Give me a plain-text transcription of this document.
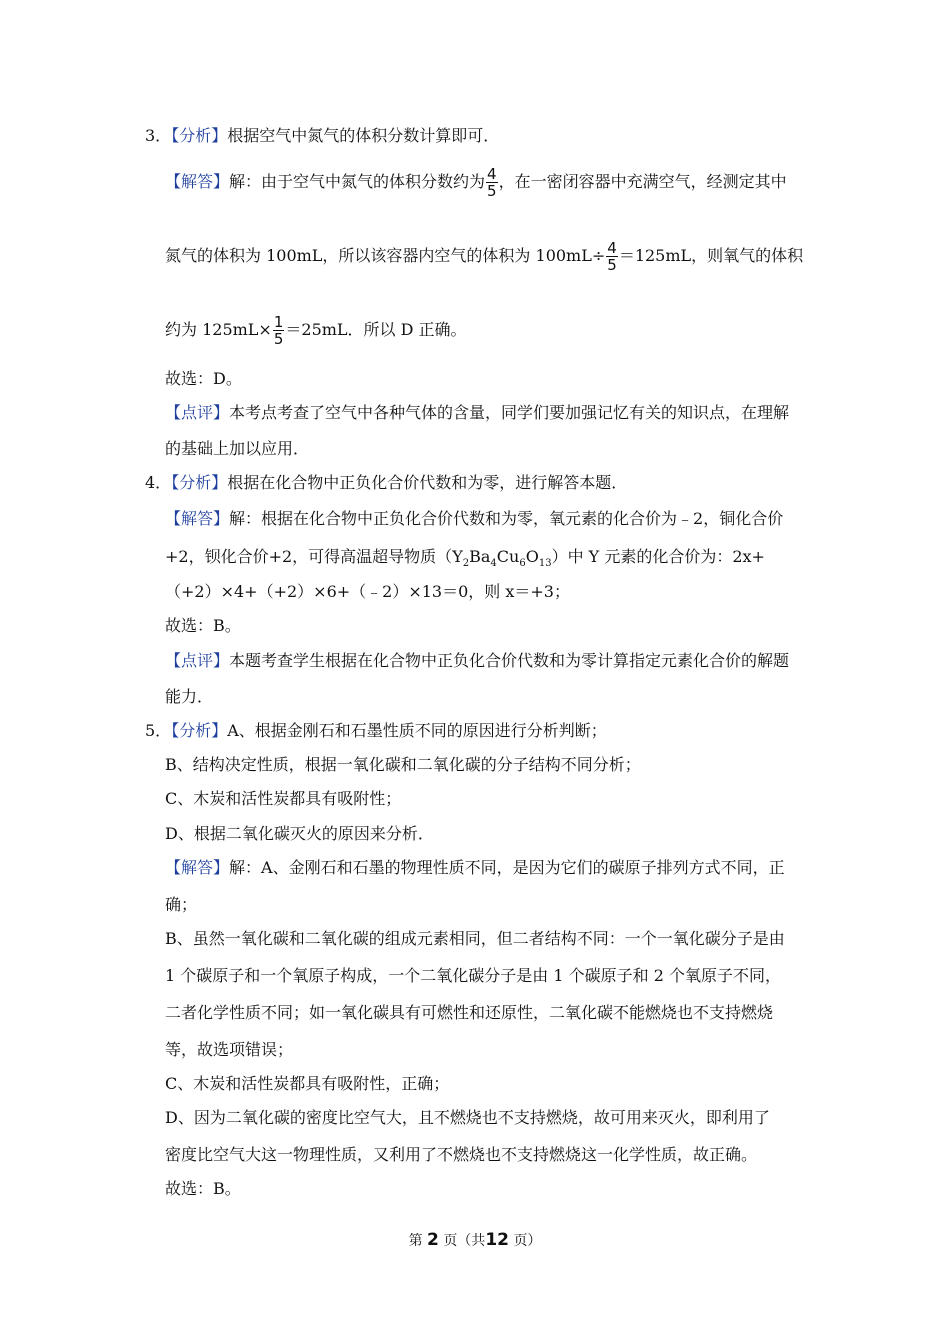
3．【分析】根据空气中氮气的体积分数计算即可．
【解答】解：由于空气中氮气的体积分数约为 $\frac{4}{5}$ ，在一密闭容器中充满空气，经测定其中
氮气的体积为 100mL，所以该容器内空气的体积为 $100mL\div \frac{4}{5} =125mL$，则氧气的体积
约为 $125mL\times \frac{1}{5} =25mL$．所以 D 正确。
故选：D。
【点评】本考点考查了空气中各种气体的含量，同学们要加强记忆有关的知识点，在理解
的基础上加以应用．
4．【分析】根据在化合物中正负化合价代数和为零，进行解答本题．
【解答】解：根据在化合物中正负化合价代数和为零，氧元素的化合价为﹣2，铜化合价
+2，钡化合价+2，可得高温超导物质$(Y_2Ba_4Cu_6O_{13})$中 Y 元素的化合价为：2x+
（+2）×4+（+2）×6+（﹣2）×13＝0，则 x＝+3；
故选：B。
【点评】本题考查学生根据在化合物中正负化合价代数和为零计算指定元素化合价的解题
能力．
5．【分析】A、根据金刚石和石墨性质不同的原因进行分析判断；
B、结构决定性质，根据一氧化碳和二氧化碳的分子结构不同分析；
C、木炭和活性炭都具有吸附性；
D、根据二氧化碳灭火的原因来分析．
【解答】解：A、金刚石和石墨的物理性质不同，是因为它们的碳原子排列方式不同，正
确；
B、虽然一氧化碳和二氧化碳的组成元素相同，但二者结构不同：一个一氧化碳分子是由
1 个碳原子和一个氧原子构成，一个二氧化碳分子是由 1 个碳原子和 2 个氧原子不同，
二者化学性质不同；如一氧化碳具有可燃性和还原性，二氧化碳不能燃烧也不支持燃烧
等，故选项错误；
C、木炭和活性炭都具有吸附性，正确；
D、因为二氧化碳的密度比空气大，且不燃烧也不支持燃烧，故可用来灭火，即利用了
密度比空气大这一物理性质，又利用了不燃烧也不支持燃烧这一化学性质，故正确。
故选：B。
第 2 页（共12 页）
